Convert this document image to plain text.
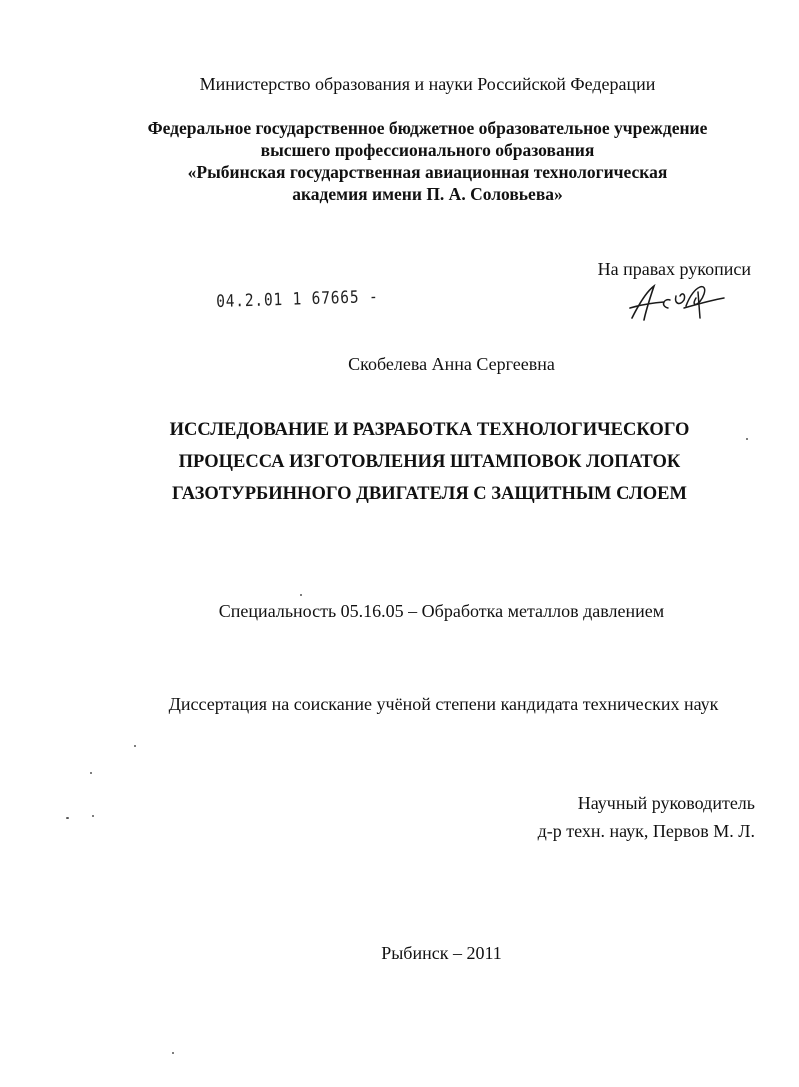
Министерство образования и науки Российской Федерации
Федеральное государственное бюджетное образовательное учреждение
высшего профессионального образования
«Рыбинская государственная авиационная технологическая
академия имени П. А. Соловьева»
На правах рукописи
04.2.01 1 67665 -
Скобелева Анна Сергеевна
ИССЛЕДОВАНИЕ И РАЗРАБОТКА ТЕХНОЛОГИЧЕСКОГО
ПРОЦЕССА ИЗГОТОВЛЕНИЯ ШТАМПОВОК ЛОПАТОК
ГАЗОТУРБИННОГО ДВИГАТЕЛЯ С ЗАЩИТНЫМ СЛОЕМ
Специальность 05.16.05 – Обработка металлов давлением
Диссертация на соискание учёной степени кандидата технических наук
Научный руководитель
д-р техн. наук, Первов М. Л.
Рыбинск – 2011
